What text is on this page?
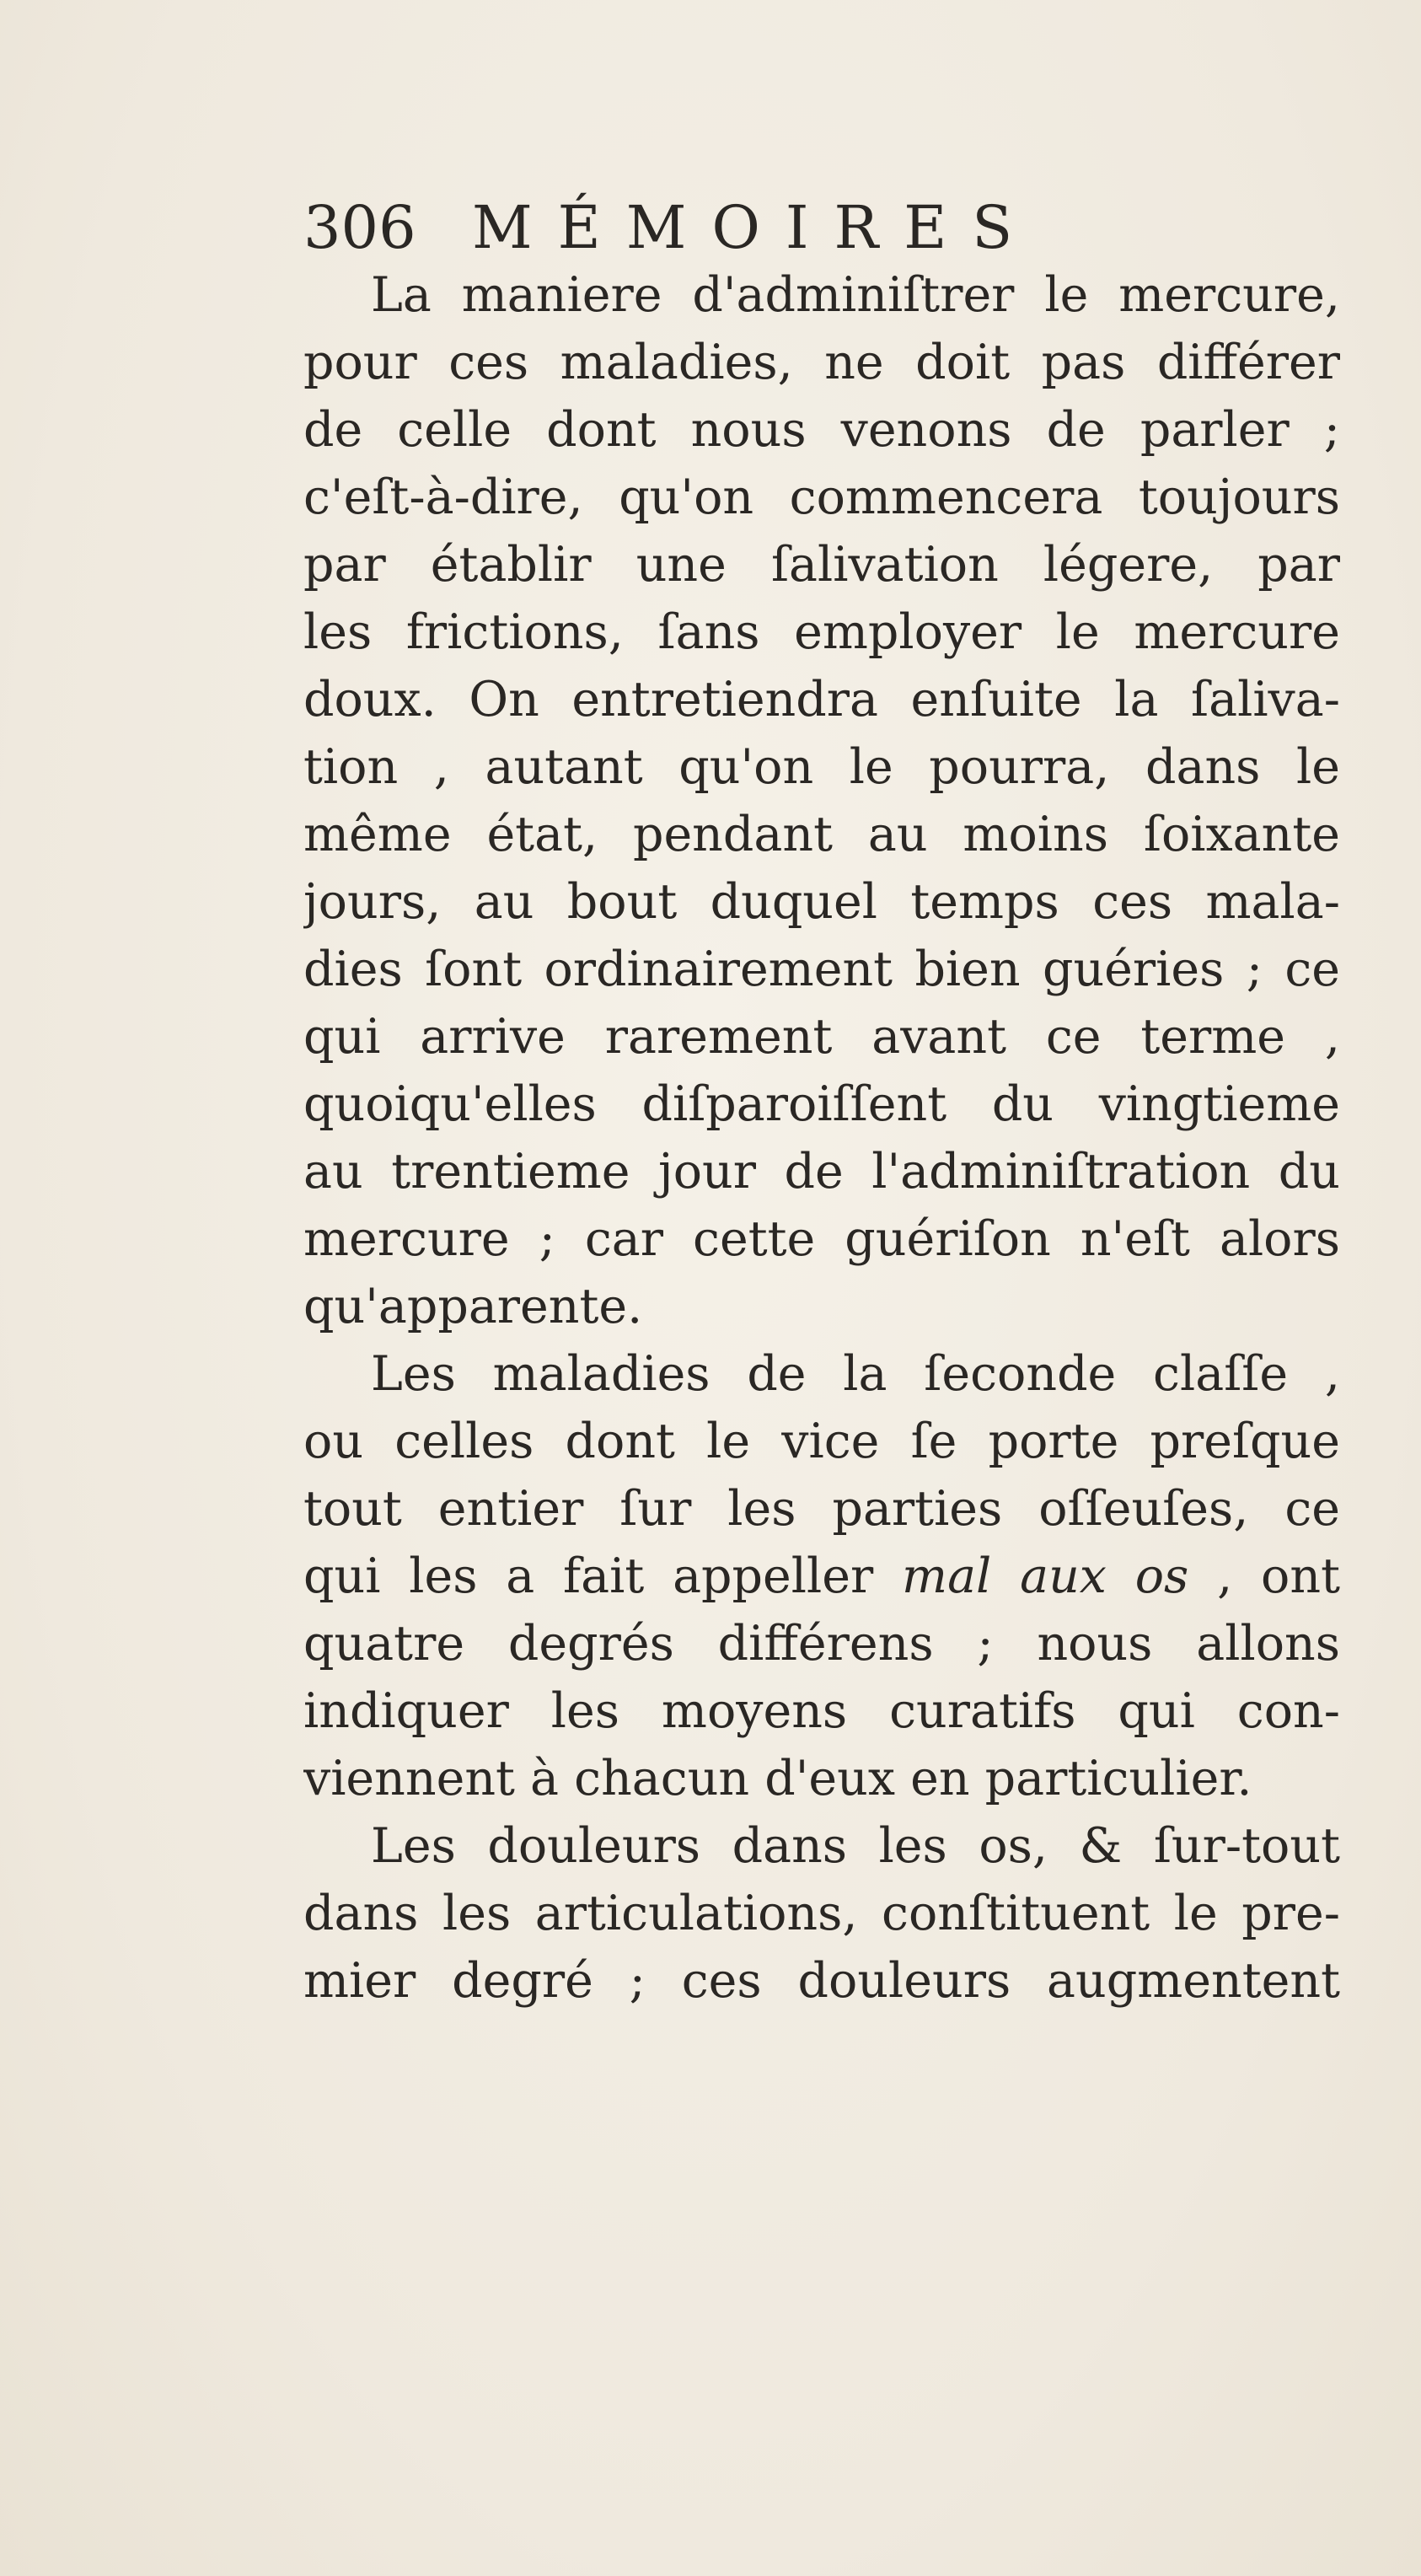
306 MÉMOIRES
La maniere d'adminiſtrer le mercure,
pour ces maladies, ne doit pas différer
de celle dont nous venons de parler ;
c'eſt-à-dire, qu'on commencera toujours
par établir une ſalivation légere, par
les frictions, ſans employer le mercure
doux. On entretiendra enſuite la ſaliva-
tion , autant qu'on le pourra, dans le
même état, pendant au moins ſoixante
jours, au bout duquel temps ces mala-
dies ſont ordinairement bien guéries ; ce
qui arrive rarement avant ce terme ,
quoiqu'elles diſparoiſſent du vingtieme
au trentieme jour de l'adminiſtration du
mercure ; car cette guériſon n'eſt alors
qu'apparente.
Les maladies de la ſeconde claſſe ,
ou celles dont le vice ſe porte preſque
tout entier ſur les parties oſſeuſes, ce
qui les a fait appeller mal aux os , ont
quatre degrés différens ; nous allons
indiquer les moyens curatifs qui con-
viennent à chacun d'eux en particulier.
Les douleurs dans les os, & ſur-tout
dans les articulations, conſtituent le pre-
mier degré ; ces douleurs augmentent
